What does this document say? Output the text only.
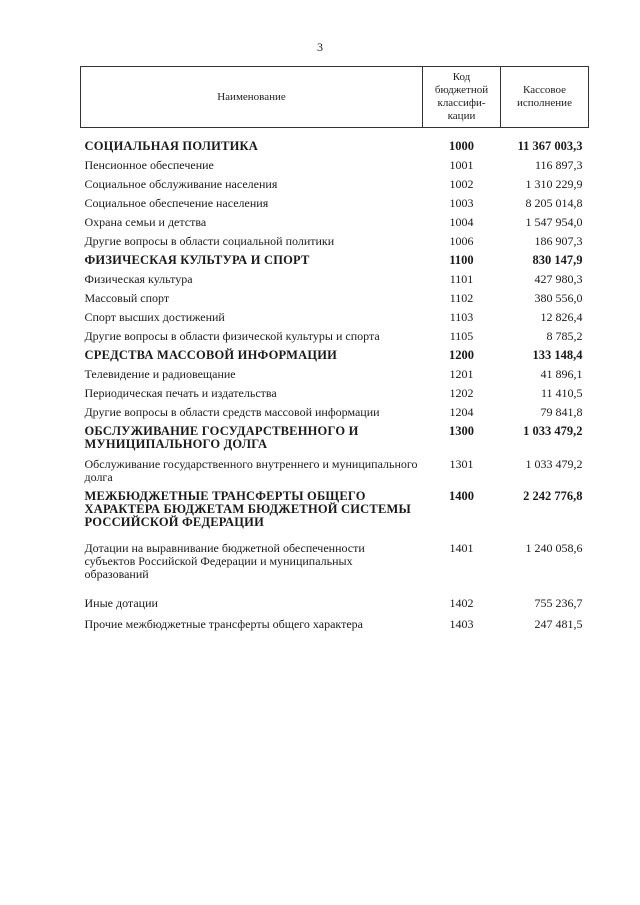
3
Наименование	Код бюджетной классифи-кации	Кассовое исполнение
СОЦИАЛЬНАЯ ПОЛИТИКА	1000	11 367 003,3
Пенсионное обеспечение	1001	116 897,3
Социальное обслуживание населения	1002	1 310 229,9
Социальное обеспечение населения	1003	8 205 014,8
Охрана семьи и детства	1004	1 547 954,0
Другие вопросы в области социальной политики	1006	186 907,3
ФИЗИЧЕСКАЯ КУЛЬТУРА И СПОРТ	1100	830 147,9
Физическая культура	1101	427 980,3
Массовый спорт	1102	380 556,0
Спорт высших достижений	1103	12 826,4
Другие вопросы в области физической культуры и спорта	1105	8 785,2
СРЕДСТВА МАССОВОЙ ИНФОРМАЦИИ	1200	133 148,4
Телевидение и радиовещание	1201	41 896,1
Периодическая печать и издательства	1202	11 410,5
Другие вопросы в области средств массовой информации	1204	79 841,8
ОБСЛУЖИВАНИЕ ГОСУДАРСТВЕННОГО И МУНИЦИПАЛЬНОГО ДОЛГА	1300	1 033 479,2
Обслуживание государственного внутреннего и муниципального долга	1301	1 033 479,2
МЕЖБЮДЖЕТНЫЕ ТРАНСФЕРТЫ ОБЩЕГО ХАРАКТЕРА БЮДЖЕТАМ БЮДЖЕТНОЙ СИСТЕМЫ РОССИЙСКОЙ ФЕДЕРАЦИИ	1400	2 242 776,8
Дотации на выравнивание бюджетной обеспеченности субъектов Российской Федерации и муниципальных образований	1401	1 240 058,6
Иные дотации	1402	755 236,7
Прочие межбюджетные трансферты общего характера	1403	247 481,5
